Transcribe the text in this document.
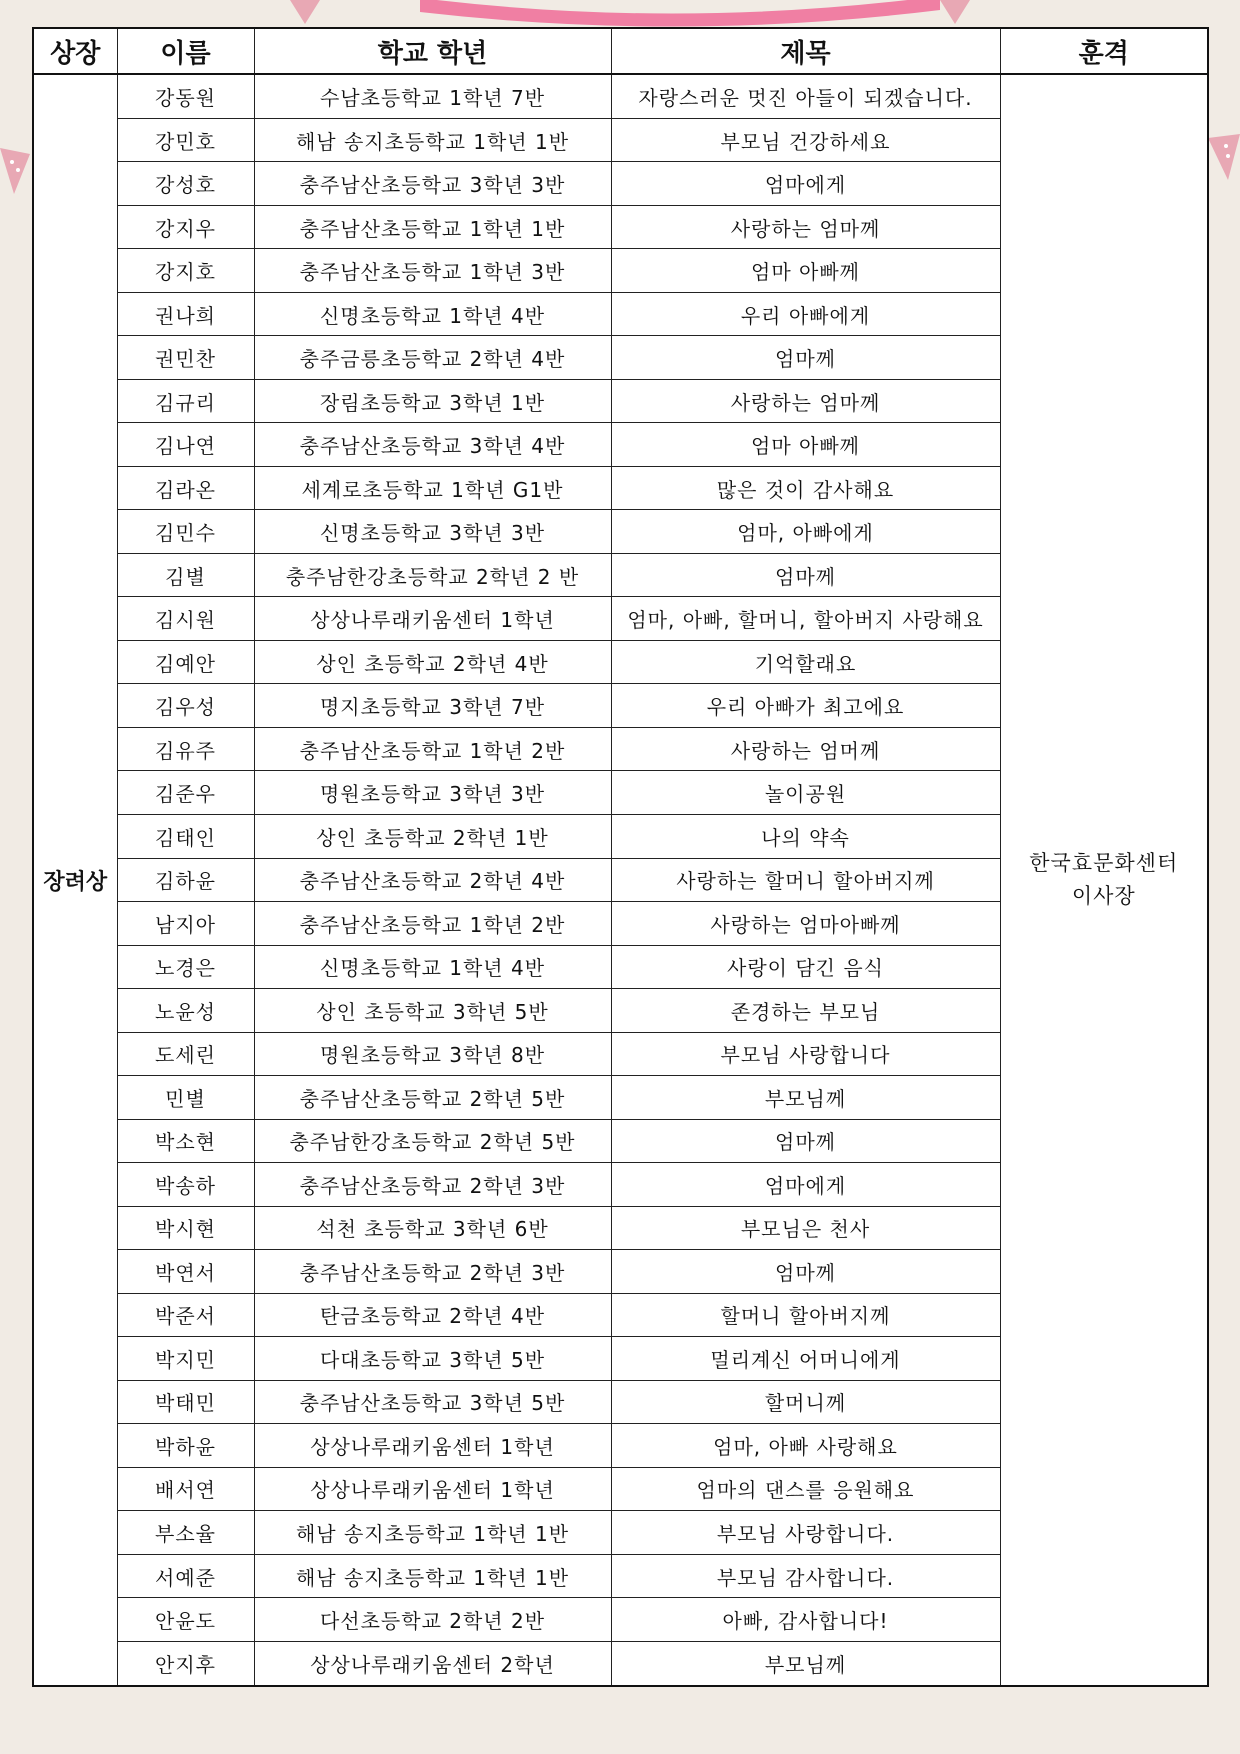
상장	이름	학교 학년	제목	훈격
장려상	강동원	수남초등학교 1학년 7반	자랑스러운 멋진 아들이 되겠습니다.	한국효문화센터
이사장

	강민호	해남 송지초등학교 1학년 1반	부모님 건강하세요	
	강성호	충주남산초등학교 3학년 3반	엄마에게	
	강지우	충주남산초등학교 1학년 1반	사랑하는 엄마께	
	강지호	충주남산초등학교 1학년 3반	엄마 아빠께	
	권나희	신명초등학교 1학년 4반	우리 아빠에게	
	권민찬	충주금릉초등학교 2학년 4반	엄마께	
	김규리	장림초등학교 3학년 1반	사랑하는 엄마께	
	김나연	충주남산초등학교 3학년 4반	엄마 아빠께	
	김라온	세계로초등학교 1학년 G1반	많은 것이 감사해요	
	김민수	신명초등학교 3학년 3반	엄마, 아빠에게	
	김별	충주남한강초등학교 2학년 2 반	엄마께	
	김시원	상상나루래키움센터 1학년	엄마, 아빠, 할머니, 할아버지 사랑해요	
	김예안	상인 초등학교 2학년 4반	기억할래요	
	김우성	명지초등학교 3학년 7반	우리 아빠가 최고에요	
	김유주	충주남산초등학교 1학년 2반	사랑하는 엄머께	
	김준우	명원초등학교 3학년 3반	놀이공원	
	김태인	상인 초등학교 2학년 1반	나의 약속	
	김하윤	충주남산초등학교 2학년 4반	사랑하는 할머니 할아버지께	
	남지아	충주남산초등학교 1학년 2반	사랑하는 엄마아빠께	
	노경은	신명초등학교 1학년 4반	사랑이 담긴 음식	
	노윤성	상인 초등학교 3학년 5반	존경하는 부모님	
	도세린	명원초등학교 3학년 8반	부모님 사랑합니다	
	민별	충주남산초등학교 2학년 5반	부모님께	
	박소현	충주남한강초등학교 2학년 5반	엄마께	
	박송하	충주남산초등학교 2학년 3반	엄마에게	
	박시현	석천 초등학교 3학년 6반	부모님은 천사	
	박연서	충주남산초등학교 2학년 3반	엄마께	
	박준서	탄금초등학교 2학년 4반	할머니 할아버지께	
	박지민	다대초등학교 3학년 5반	멀리계신 어머니에게	
	박태민	충주남산초등학교 3학년 5반	할머니께	
	박하윤	상상나루래키움센터 1학년	엄마, 아빠 사랑해요	
	배서연	상상나루래키움센터 1학년	엄마의 댄스를 응원해요	
	부소율	해남 송지초등학교 1학년 1반	부모님 사랑합니다.	
	서예준	해남 송지초등학교 1학년 1반	부모님 감사합니다.	
	안윤도	다선초등학교 2학년 2반	아빠, 감사합니다!	
	안지후	상상나루래키움센터 2학년	부모님께	
